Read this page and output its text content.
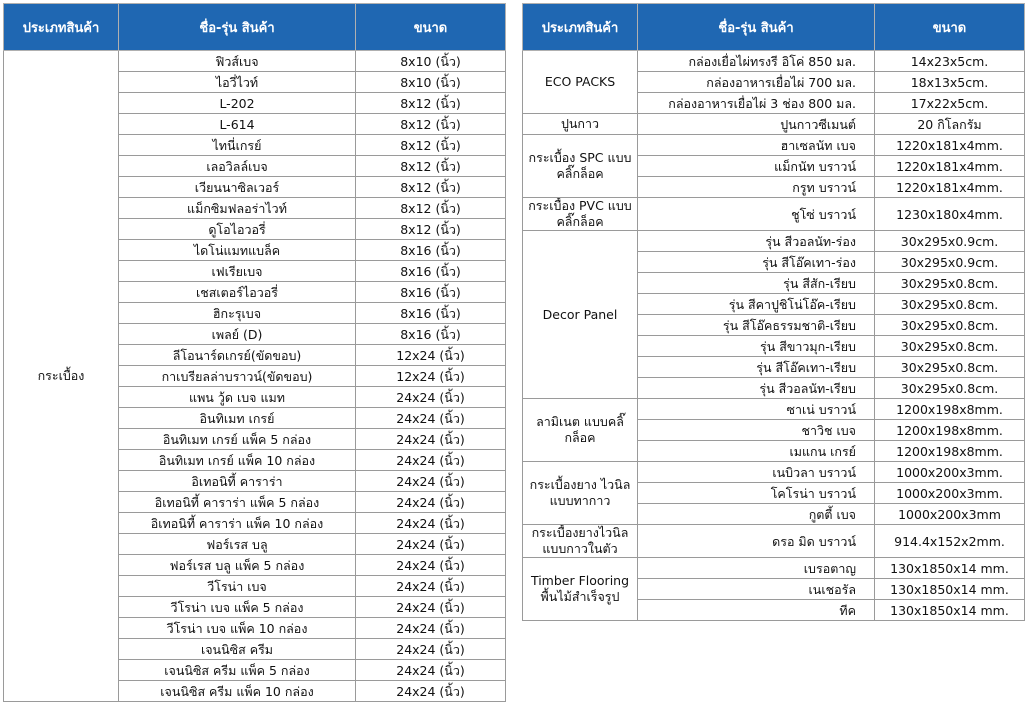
ประเภทสินค้า	ชื่อ-รุ่น สินค้า	ขนาด
กระเบื้อง	ฟิวส์เบจ	8x10 (นิ้ว)
	ไอวี่ไวท์	8x10 (นิ้ว)
	L-202	8x12 (นิ้ว)
	L-614	8x12 (นิ้ว)
	ไทนี่เกรย์	8x12 (นิ้ว)
	เลอวิลล์เบจ	8x12 (นิ้ว)
	เวียนนาซิลเวอร์	8x12 (นิ้ว)
	แม็กซิมฟลอร่าไวท์	8x12 (นิ้ว)
	ดูโอไอวอรี่	8x12 (นิ้ว)
	ไดโน่แมทแบล็ค	8x16 (นิ้ว)
	เฟเรียเบจ	8x16 (นิ้ว)
	เชสเตอร์ไอวอรี่	8x16 (นิ้ว)
	ฮิกะรุเบจ	8x16 (นิ้ว)
	เพลย์ (D)	8x16 (นิ้ว)
	ลีโอนาร์ดเกรย์(ขัดขอบ)	12x24 (นิ้ว)
	กาเบรียลล่าบราวน์(ขัดขอบ)	12x24 (นิ้ว)
	แพน วู้ด เบจ แมท	24x24 (นิ้ว)
	อินทิเมท เกรย์	24x24 (นิ้ว)
	อินทิเมท เกรย์ แพ็ค 5 กล่อง	24x24 (นิ้ว)
	อินทิเมท เกรย์ แพ็ค 10 กล่อง	24x24 (นิ้ว)
	อิเทอนิที้ คาราร่า	24x24 (นิ้ว)
	อิเทอนิที้ คาราร่า แพ็ค 5 กล่อง	24x24 (นิ้ว)
	อิเทอนิที้ คาราร่า แพ็ค 10 กล่อง	24x24 (นิ้ว)
	ฟอร์เรส บลู	24x24 (นิ้ว)
	ฟอร์เรส บลู แพ็ค 5 กล่อง	24x24 (นิ้ว)
	วีโรน่า เบจ	24x24 (นิ้ว)
	วีโรน่า เบจ แพ็ค 5 กล่อง	24x24 (นิ้ว)
	วีโรน่า เบจ แพ็ค 10 กล่อง	24x24 (นิ้ว)
	เจนนิซิส ครีม	24x24 (นิ้ว)
	เจนนิซิส ครีม แพ็ค 5 กล่อง	24x24 (นิ้ว)
	เจนนิซิส ครีม แพ็ค 10 กล่อง	24x24 (นิ้ว)
ประเภทสินค้า	ชื่อ-รุ่น สินค้า	ขนาด
ECO PACKS	กล่องเยื่อไผ่ทรงรี อิโค่ 850 มล.	14x23x5cm.
	กล่องอาหารเยื่อไผ่ 700 มล.	18x13x5cm.
	กล่องอาหารเยื่อไผ่ 3 ช่อง 800 มล.	17x22x5cm.
ปูนกาว	ปูนกาวซีเมนต์	20 กิโลกรัม
กระเบื้อง SPC แบบคลิ๊กล็อค	ฮาเซลนัท เบจ	1220x181x4mm.
	แม็กนัท บราวน์	1220x181x4mm.
	กรูท บราวน์	1220x181x4mm.
กระเบื้อง PVC แบบคลิ๊กล็อค	ชูโซ่ บราวน์	1230x180x4mm.
Decor Panel	รุ่น สีวอลนัท-ร่อง	30x295x0.9cm.
	รุ่น สีโอ๊คเทา-ร่อง	30x295x0.9cm.
	รุ่น สีสัก-เรียบ	30x295x0.8cm.
	รุ่น สีคาปูชิโน่โอ๊ค-เรียบ	30x295x0.8cm.
	รุ่น สีโอ๊คธรรมชาติ-เรียบ	30x295x0.8cm.
	รุ่น สีขาวมุก-เรียบ	30x295x0.8cm.
	รุ่น สีโอ๊คเทา-เรียบ	30x295x0.8cm.
	รุ่น สีวอลนัท-เรียบ	30x295x0.8cm.
ลามิเนต แบบคลิ๊กล็อค	ซาเน่ บราวน์	1200x198x8mm.
	ชาวิช เบจ	1200x198x8mm.
	เมแกน เกรย์	1200x198x8mm.
กระเบื้องยาง ไวนิล แบบทากาว	เนบิวลา บราวน์	1000x200x3mm.
	โคโรน่า บราวน์	1000x200x3mm.
	กูตตี้ เบจ	1000x200x3mm
กระเบื้องยางไวนิล แบบกาวในตัว	ดรอ มิด บราวน์	914.4x152x2mm.
Timber Flooring พื้นไม้สำเร็จรูป	เบรอตาญ	130x1850x14 mm.
	เนเชอรัล	130x1850x14 mm.
	ทีค	130x1850x14 mm.
